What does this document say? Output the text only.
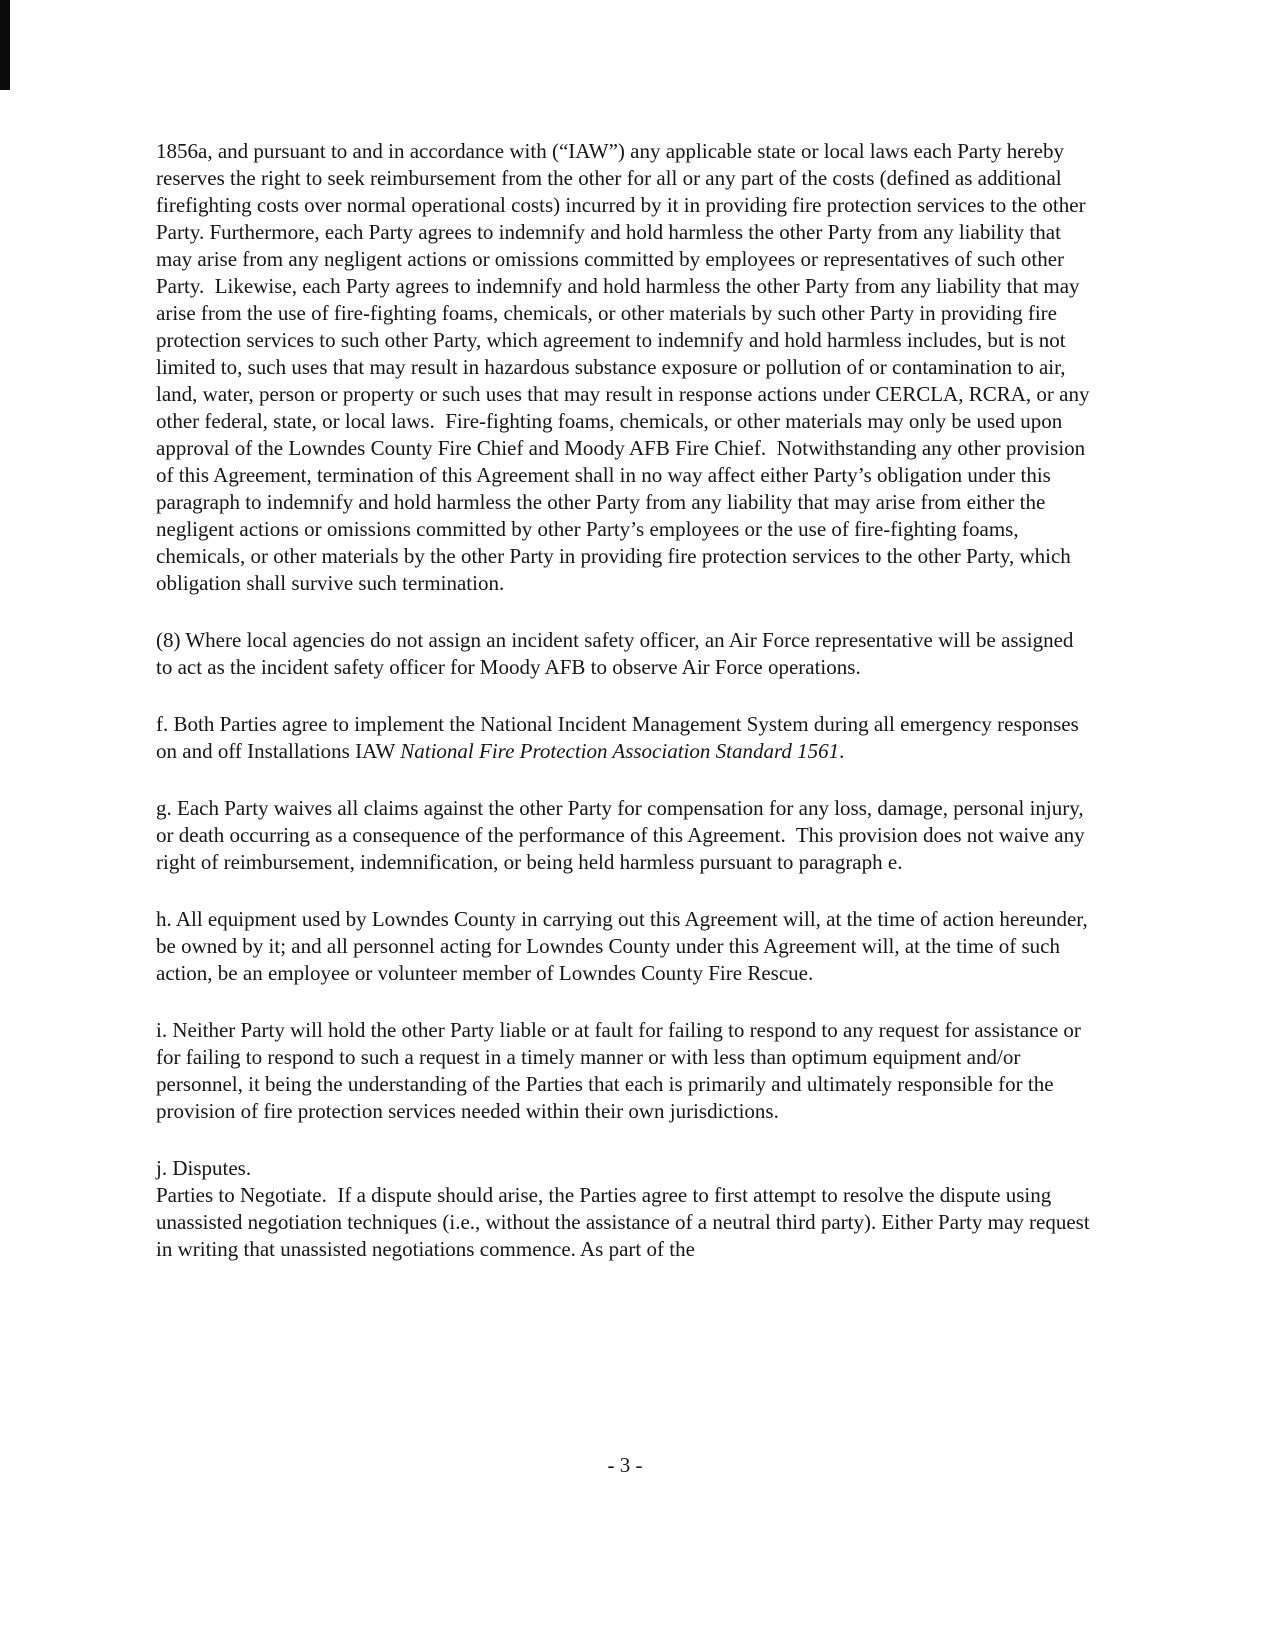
1856a, and pursuant to and in accordance with (“IAW”) any applicable state or local laws each Party hereby reserves the right to seek reimbursement from the other for all or any part of the costs (defined as additional firefighting costs over normal operational costs) incurred by it in providing fire protection services to the other Party. Furthermore, each Party agrees to indemnify and hold harmless the other Party from any liability that may arise from any negligent actions or omissions committed by employees or representatives of such other Party.  Likewise, each Party agrees to indemnify and hold harmless the other Party from any liability that may arise from the use of fire-fighting foams, chemicals, or other materials by such other Party in providing fire protection services to such other Party, which agreement to indemnify and hold harmless includes, but is not limited to, such uses that may result in hazardous substance exposure or pollution of or contamination to air, land, water, person or property or such uses that may result in response actions under CERCLA, RCRA, or any other federal, state, or local laws.  Fire-fighting foams, chemicals, or other materials may only be used upon approval of the Lowndes County Fire Chief and Moody AFB Fire Chief.  Notwithstanding any other provision of this Agreement, termination of this Agreement shall in no way affect either Party’s obligation under this paragraph to indemnify and hold harmless the other Party from any liability that may arise from either the negligent actions or omissions committed by other Party’s employees or the use of fire-fighting foams, chemicals, or other materials by the other Party in providing fire protection services to the other Party, which obligation shall survive such termination.

(8) Where local agencies do not assign an incident safety officer, an Air Force representative will be assigned to act as the incident safety officer for Moody AFB to observe Air Force operations.

f. Both Parties agree to implement the National Incident Management System during all emergency responses on and off Installations IAW National Fire Protection Association Standard 1561.

g. Each Party waives all claims against the other Party for compensation for any loss, damage, personal injury, or death occurring as a consequence of the performance of this Agreement.  This provision does not waive any right of reimbursement, indemnification, or being held harmless pursuant to paragraph e.

h. All equipment used by Lowndes County in carrying out this Agreement will, at the time of action hereunder, be owned by it; and all personnel acting for Lowndes County under this Agreement will, at the time of such action, be an employee or volunteer member of Lowndes County Fire Rescue.

i. Neither Party will hold the other Party liable or at fault for failing to respond to any request for assistance or for failing to respond to such a request in a timely manner or with less than optimum equipment and/or personnel, it being the understanding of the Parties that each is primarily and ultimately responsible for the provision of fire protection services needed within their own jurisdictions.

j. Disputes.
Parties to Negotiate.  If a dispute should arise, the Parties agree to first attempt to resolve the dispute using unassisted negotiation techniques (i.e., without the assistance of a neutral third party). Either Party may request in writing that unassisted negotiations commence. As part of the

- 3 -
